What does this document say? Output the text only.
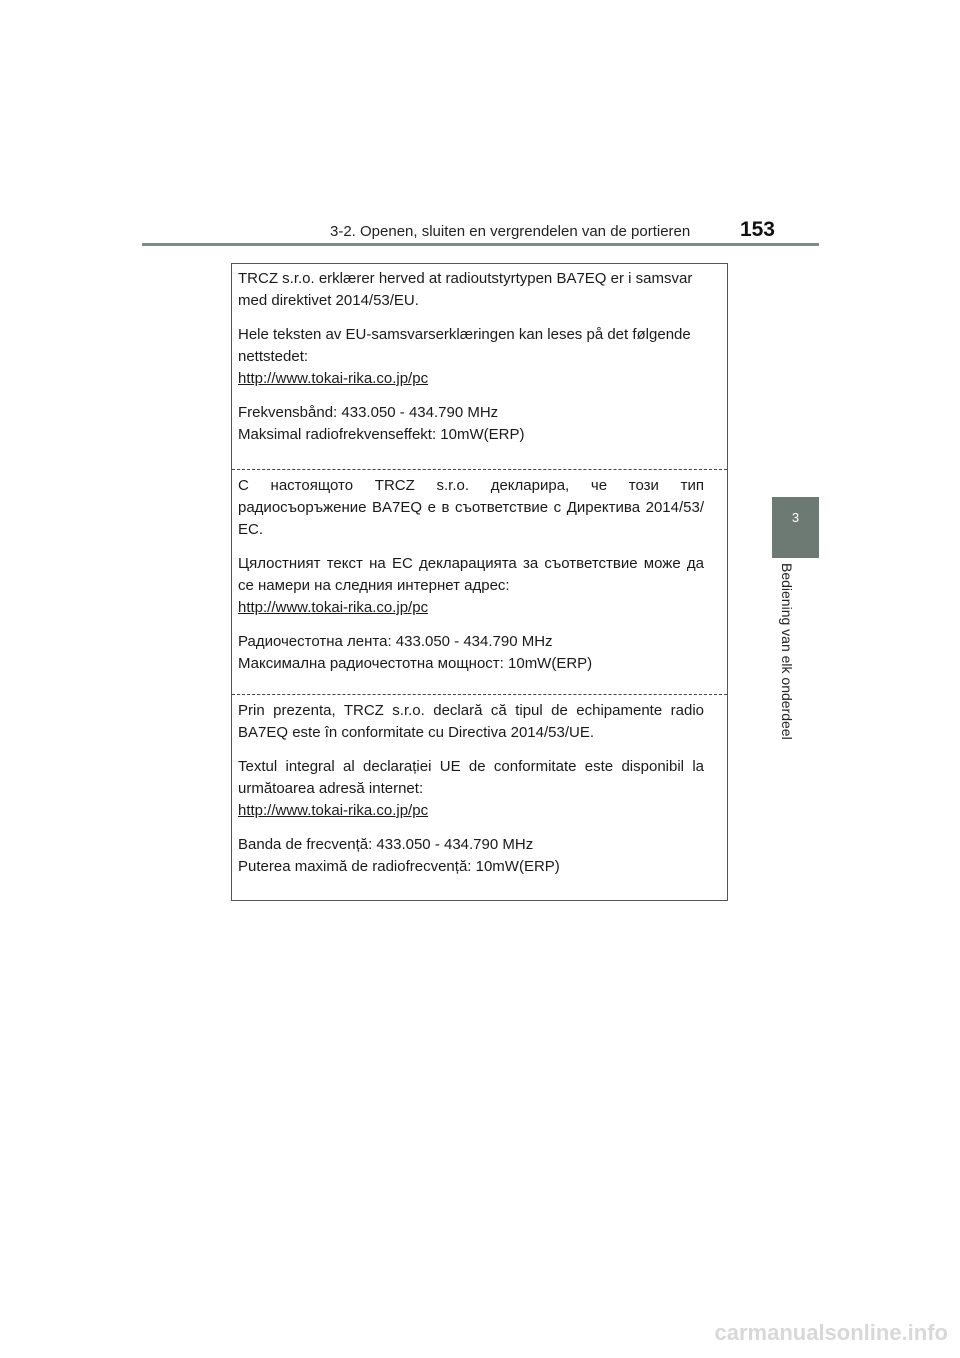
3-2. Openen, sluiten en vergrendelen van de portieren 153
3
Bediening van elk onderdeel

TRCZ s.r.o. erklærer herved at radioutstyrtypen BA7EQ er i samsvar med direktivet 2014/53/EU.

Hele teksten av EU-samsvarserklæringen kan leses på det følgende nettstedet:

http://www.tokai-rika.co.jp/pc

Frekvensbånd: 433.050 - 434.790 MHz

Maksimal radiofrekvenseffekt: 10mW(ERP)

С настоящото TRCZ s.r.o. декларира, че този тип радиосъоръжение BA7EQ е в съответствие с Директива 2014/53/ЕС.

Цялостният текст на ЕС декларацията за съответствие може да се намери на следния интернет адрес:

http://www.tokai-rika.co.jp/pc

Радиочестотна лента: 433.050 - 434.790 MHz

Максимална радиочестотна мощност: 10mW(ERP)

Prin prezenta, TRCZ s.r.o. declară că tipul de echipamente radio BA7EQ este în conformitate cu Directiva 2014/53/UE.

Textul integral al declarației UE de conformitate este disponibil la următoarea adresă internet:

http://www.tokai-rika.co.jp/pc

Banda de frecvență: 433.050 - 434.790 MHz

Puterea maximă de radiofrecvență: 10mW(ERP)

carmanualsonline.info
